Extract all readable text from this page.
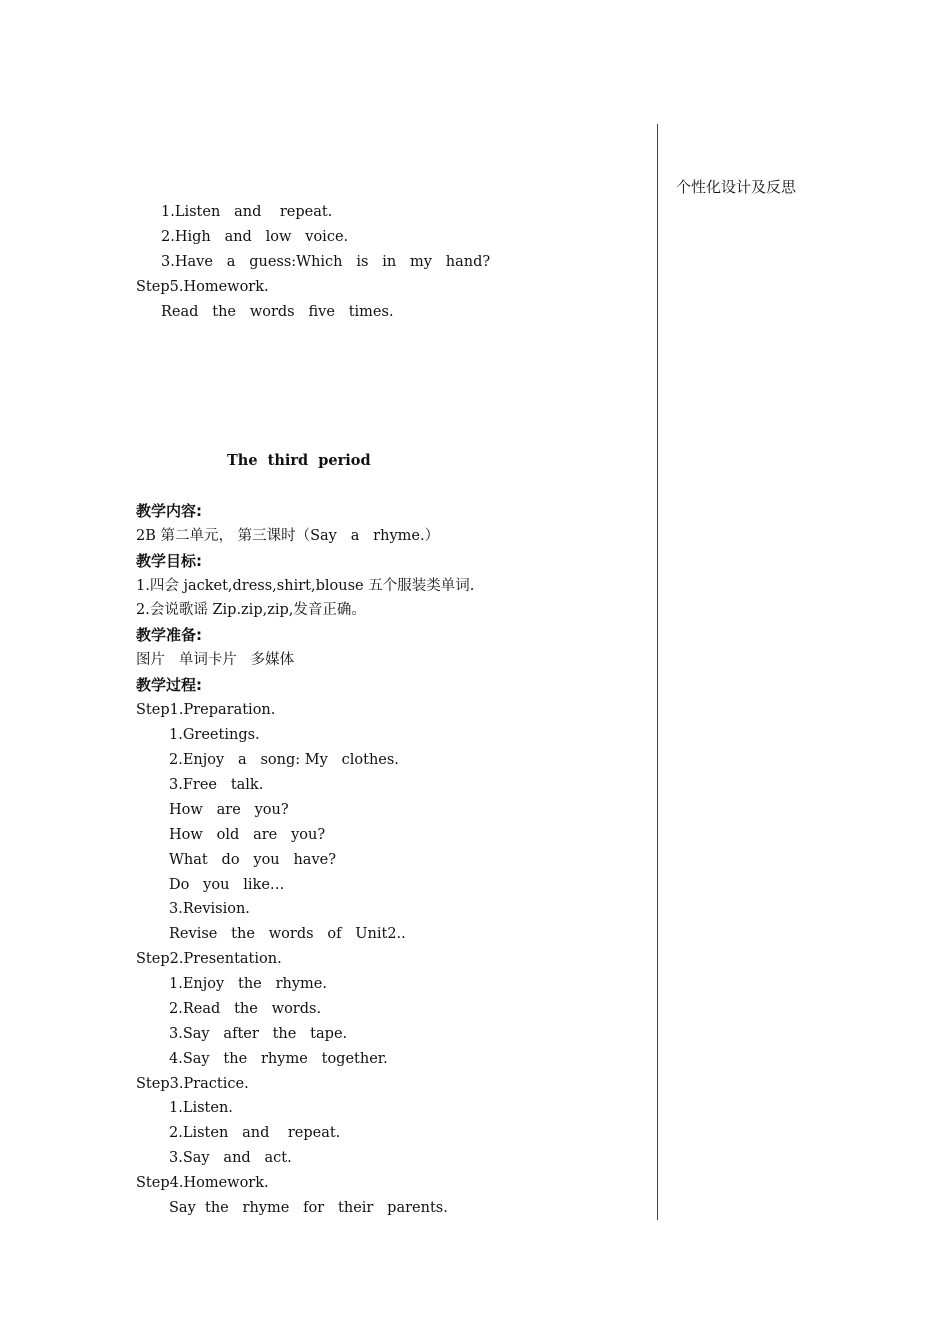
个性化设计及反思
1.Listen   and    repeat.
2.High   and   low   voice.
3.Have   a   guess:Which   is   in   my   hand?
Step5.Homework.
Read   the   words   five   times.
The  third  period
教学内容:
2B 第二单元， 第三课时（Say   a   rhyme.）
教学目标:
1.四会 jacket,dress,shirt,blouse 五个服装类单词.
2.会说歌谣 Zip.zip,zip,发音正确。
教学准备:
图片   单词卡片   多媒体
教学过程:
Step1.Preparation.
1.Greetings.
2.Enjoy   a   song: My   clothes.
3.Free   talk.
How   are   you?
How   old   are   you?
What   do   you   have?
Do   you   like…
3.Revision.
Revise   the   words   of   Unit2..
Step2.Presentation.
1.Enjoy   the   rhyme.
2.Read   the   words.
3.Say   after   the   tape.
4.Say   the   rhyme   together.
Step3.Practice.
1.Listen.
2.Listen   and    repeat.
3.Say   and   act.
Step4.Homework.
Say  the   rhyme   for   their   parents.
